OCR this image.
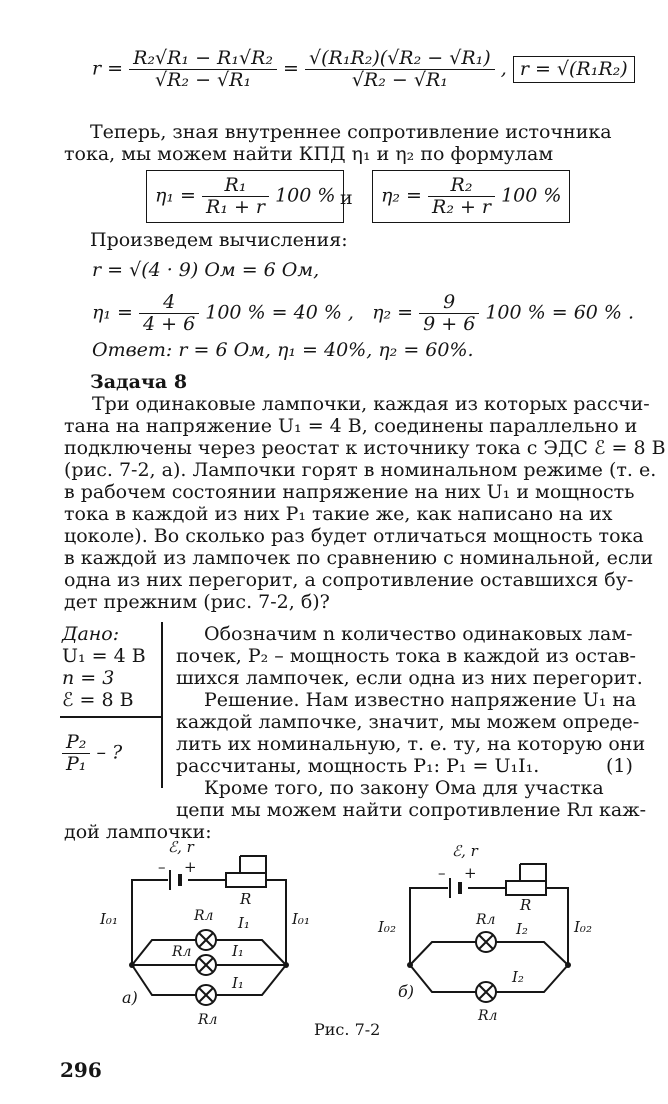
$r = \frac{\text{R₂√R₁ − R₁√R₂}}{\text{√R₂ − √R₁}} = \frac{\text{√(R₁R₂)(√R₂ − √R₁)}}{\text{√R₂ − √R₁}}$ , r = √(R₁R₂)
Теперь, зная внутреннее сопротивление источника
тока, мы можем найти КПД η₁ и η₂ по формулам
$\eta_1 = \frac{\text{R₁}}{\text{R₁ + r}} 100$ % и	$\eta_2 = \frac{\text{R₂}}{\text{R₂ + r}} 100$ %
Произведем вычисления:
r = √(4 · 9) Ом = 6 Ом,
$\eta_1 = \frac{4}{4 + 6} 100$ % = 40 % , $\eta_2 = \frac{9}{9 + 6} 100$ % = 60 % .
Ответ: r = 6 Ом, η₁ = 40%, η₂ = 60%.
Задача 8
Три одинаковые лампочки, каждая из которых рассчи-
тана на напряжение U₁ = 4 В, соединены параллельно и
подключены через реостат к источнику тока с ЭДС ℰ = 8 В
(рис. 7-2, а). Лампочки горят в номинальном режиме (т. е.
в рабочем состоянии напряжение на них U₁ и мощность
тока в каждой из них P₁ такие же, как написано на их
цоколе). Во сколько раз будет отличаться мощность тока
в каждой из лампочек по сравнению с номинальной, если
одна из них перегорит, а сопротивление оставшихся бу-
дет прежним (рис. 7-2, б)?
Дано:
U₁ = 4 В
n = 3
ℰ = 8 В
$\frac{\text{P₂}}{\text{P₁}}$ – ?
Обозначим n количество одинаковых лам-
почек, P₂ – мощность тока в каждой из остав-
шихся лампочек, если одна из них перегорит.
Решение. Нам известно напряжение U₁ на
каждой лампочке, значит, мы можем опреде-
лить их номинальную, т. е. ту, на которую они
рассчитаны, мощность P₁: P₁ = U₁I₁.	(1)
Кроме того, по закону Ома для участка
цепи мы можем найти сопротивление Rл каж-
дой лампочки:
ℰ, r
– +
R
I₀₁	I₀₁
Rл
Rл
Rл
I₁
I₁
I₁
а)
ℰ, r
– +
R
I₀₂	I₀₂
Rл
Rл
I₂
I₂
б)
Рис. 7-2
296
